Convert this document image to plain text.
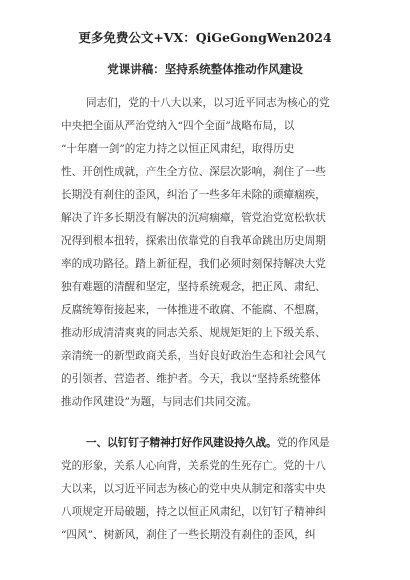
更多免费公文+VX：QiGeGongWen2024
党课讲稿：坚持系统整体推动作风建设
同志们，党的十八大以来，以习近平同志为核心的党
中央把全面从严治党纳入“四个全面”战略布局，以
“十年磨一剑”的定力持之以恒正风肃纪，取得历史
性、开创性成就，产生全方位、深层次影响，刹住了一些
长期没有刹住的歪风，纠治了一些多年未除的顽瘴痼疾，
解决了许多长期没有解决的沉疴痼瘴，管党治党宽松软状
况得到根本扭转，探索出依靠党的自我革命跳出历史周期
率的成功路径。踏上新征程，我们必须时刻保持解决大党
独有难题的清醒和坚定，坚持系统观念，把正风、肃纪、
反腐统筹衔接起来，一体推进不敢腐、不能腐、不想腐，
推动形成清清爽爽的同志关系、规规矩矩的上下级关系、
亲清统一的新型政商关系，当好良好政治生态和社会风气
的引领者、营造者、维护者。今天，我以“坚持系统整体
推动作风建设”为题，与同志们共同交流。
一、以钉钉子精神打好作风建设持久战。党的作风是
党的形象，关系人心向背，关系党的生死存亡。党的十八
大以来，以习近平同志为核心的党中央从制定和落实中央
八项规定开局破题，持之以恒正风肃纪，以钉钉子精神纠
“四风”、树新风，刹住了一些长期没有刹住的歪风，纠
